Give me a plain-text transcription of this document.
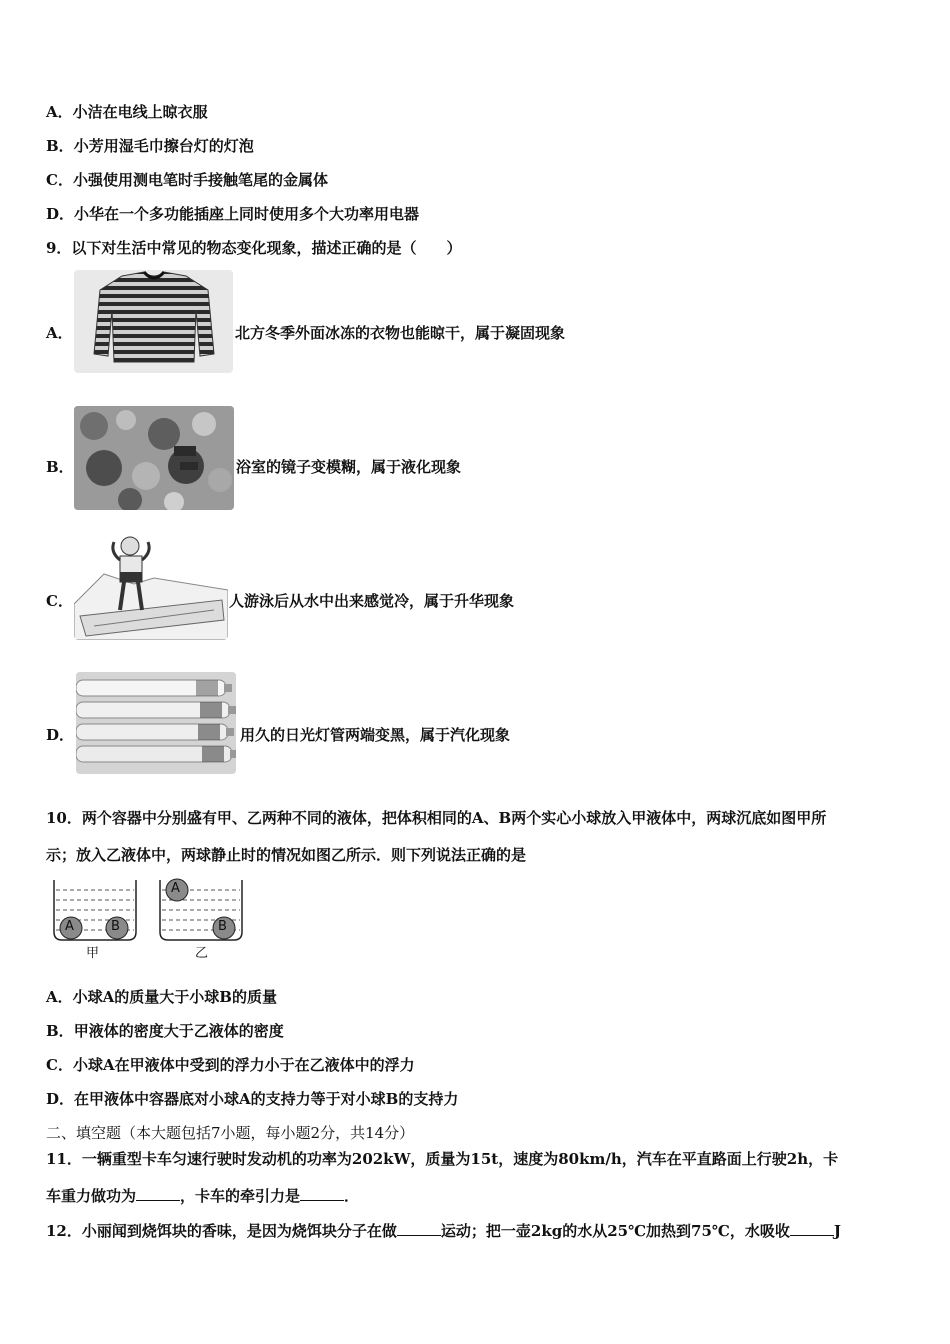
A．小洁在电线上晾衣服
B．小芳用湿毛巾擦台灯的灯泡
C．小强使用测电笔时手接触笔尾的金属体
D．小华在一个多功能插座上同时使用多个大功率用电器
9．以下对生活中常见的物态变化现象，描述正确的是（　　）
A．	北方冬季外面冰冻的衣物也能晾干，属于凝固现象
B．	浴室的镜子变模糊，属于液化现象
C．	人游泳后从水中出来感觉冷，属于升华现象
D．	用久的日光灯管两端变黑，属于汽化现象
10．两个容器中分别盛有甲、乙两种不同的液体，把体积相同的A、B两个实心小球放入甲液体中，两球沉底如图甲所
示；放入乙液体中，两球静止时的情况如图乙所示．则下列说法正确的是
A	B
A
B
甲	乙
A．小球A的质量大于小球B的质量
B．甲液体的密度大于乙液体的密度
C．小球A在甲液体中受到的浮力小于在乙液体中的浮力
D．在甲液体中容器底对小球A的支持力等于对小球B的支持力
二、填空题（本大题包括7小题，每小题2分，共14分）
11．一辆重型卡车匀速行驶时发动机的功率为202kW，质量为15t，速度为80km/h，汽车在平直路面上行驶2h，卡
车重力做功为	，卡车的牵引力是	．
12．小丽闻到烧饵块的香味，是因为烧饵块分子在做	运动；把一壶2kg的水从25℃加热到75℃，水吸收	J
